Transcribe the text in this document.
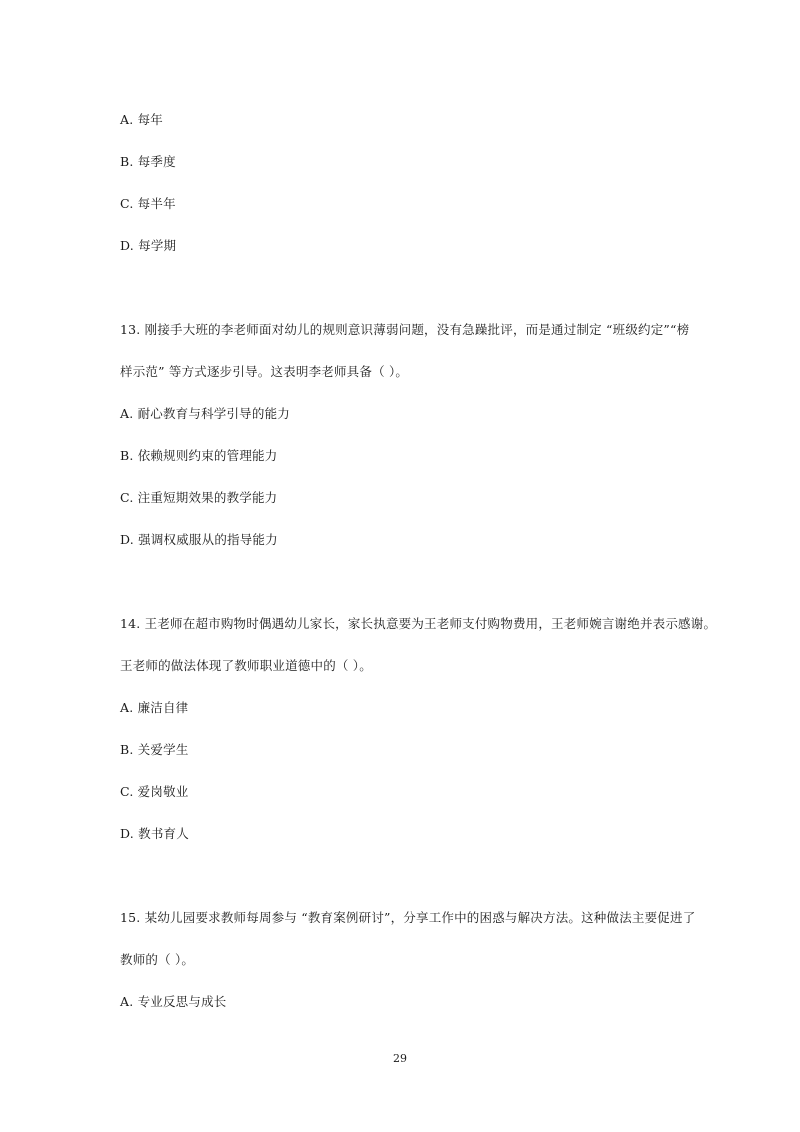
A. 每年
B. 每季度
C. 每半年
D. 每学期
13. 刚接手大班的李老师面对幼儿的规则意识薄弱问题，没有急躁批评，而是通过制定 “班级约定”“榜
样示范” 等方式逐步引导。这表明李老师具备（ ）。
A. 耐心教育与科学引导的能力
B. 依赖规则约束的管理能力
C. 注重短期效果的教学能力
D. 强调权威服从的指导能力
14. 王老师在超市购物时偶遇幼儿家长，家长执意要为王老师支付购物费用，王老师婉言谢绝并表示感谢。
王老师的做法体现了教师职业道德中的（ ）。
A. 廉洁自律
B. 关爱学生
C. 爱岗敬业
D. 教书育人
15. 某幼儿园要求教师每周参与 “教育案例研讨”，分享工作中的困惑与解决方法。这种做法主要促进了
教师的（ ）。
A. 专业反思与成长
29
